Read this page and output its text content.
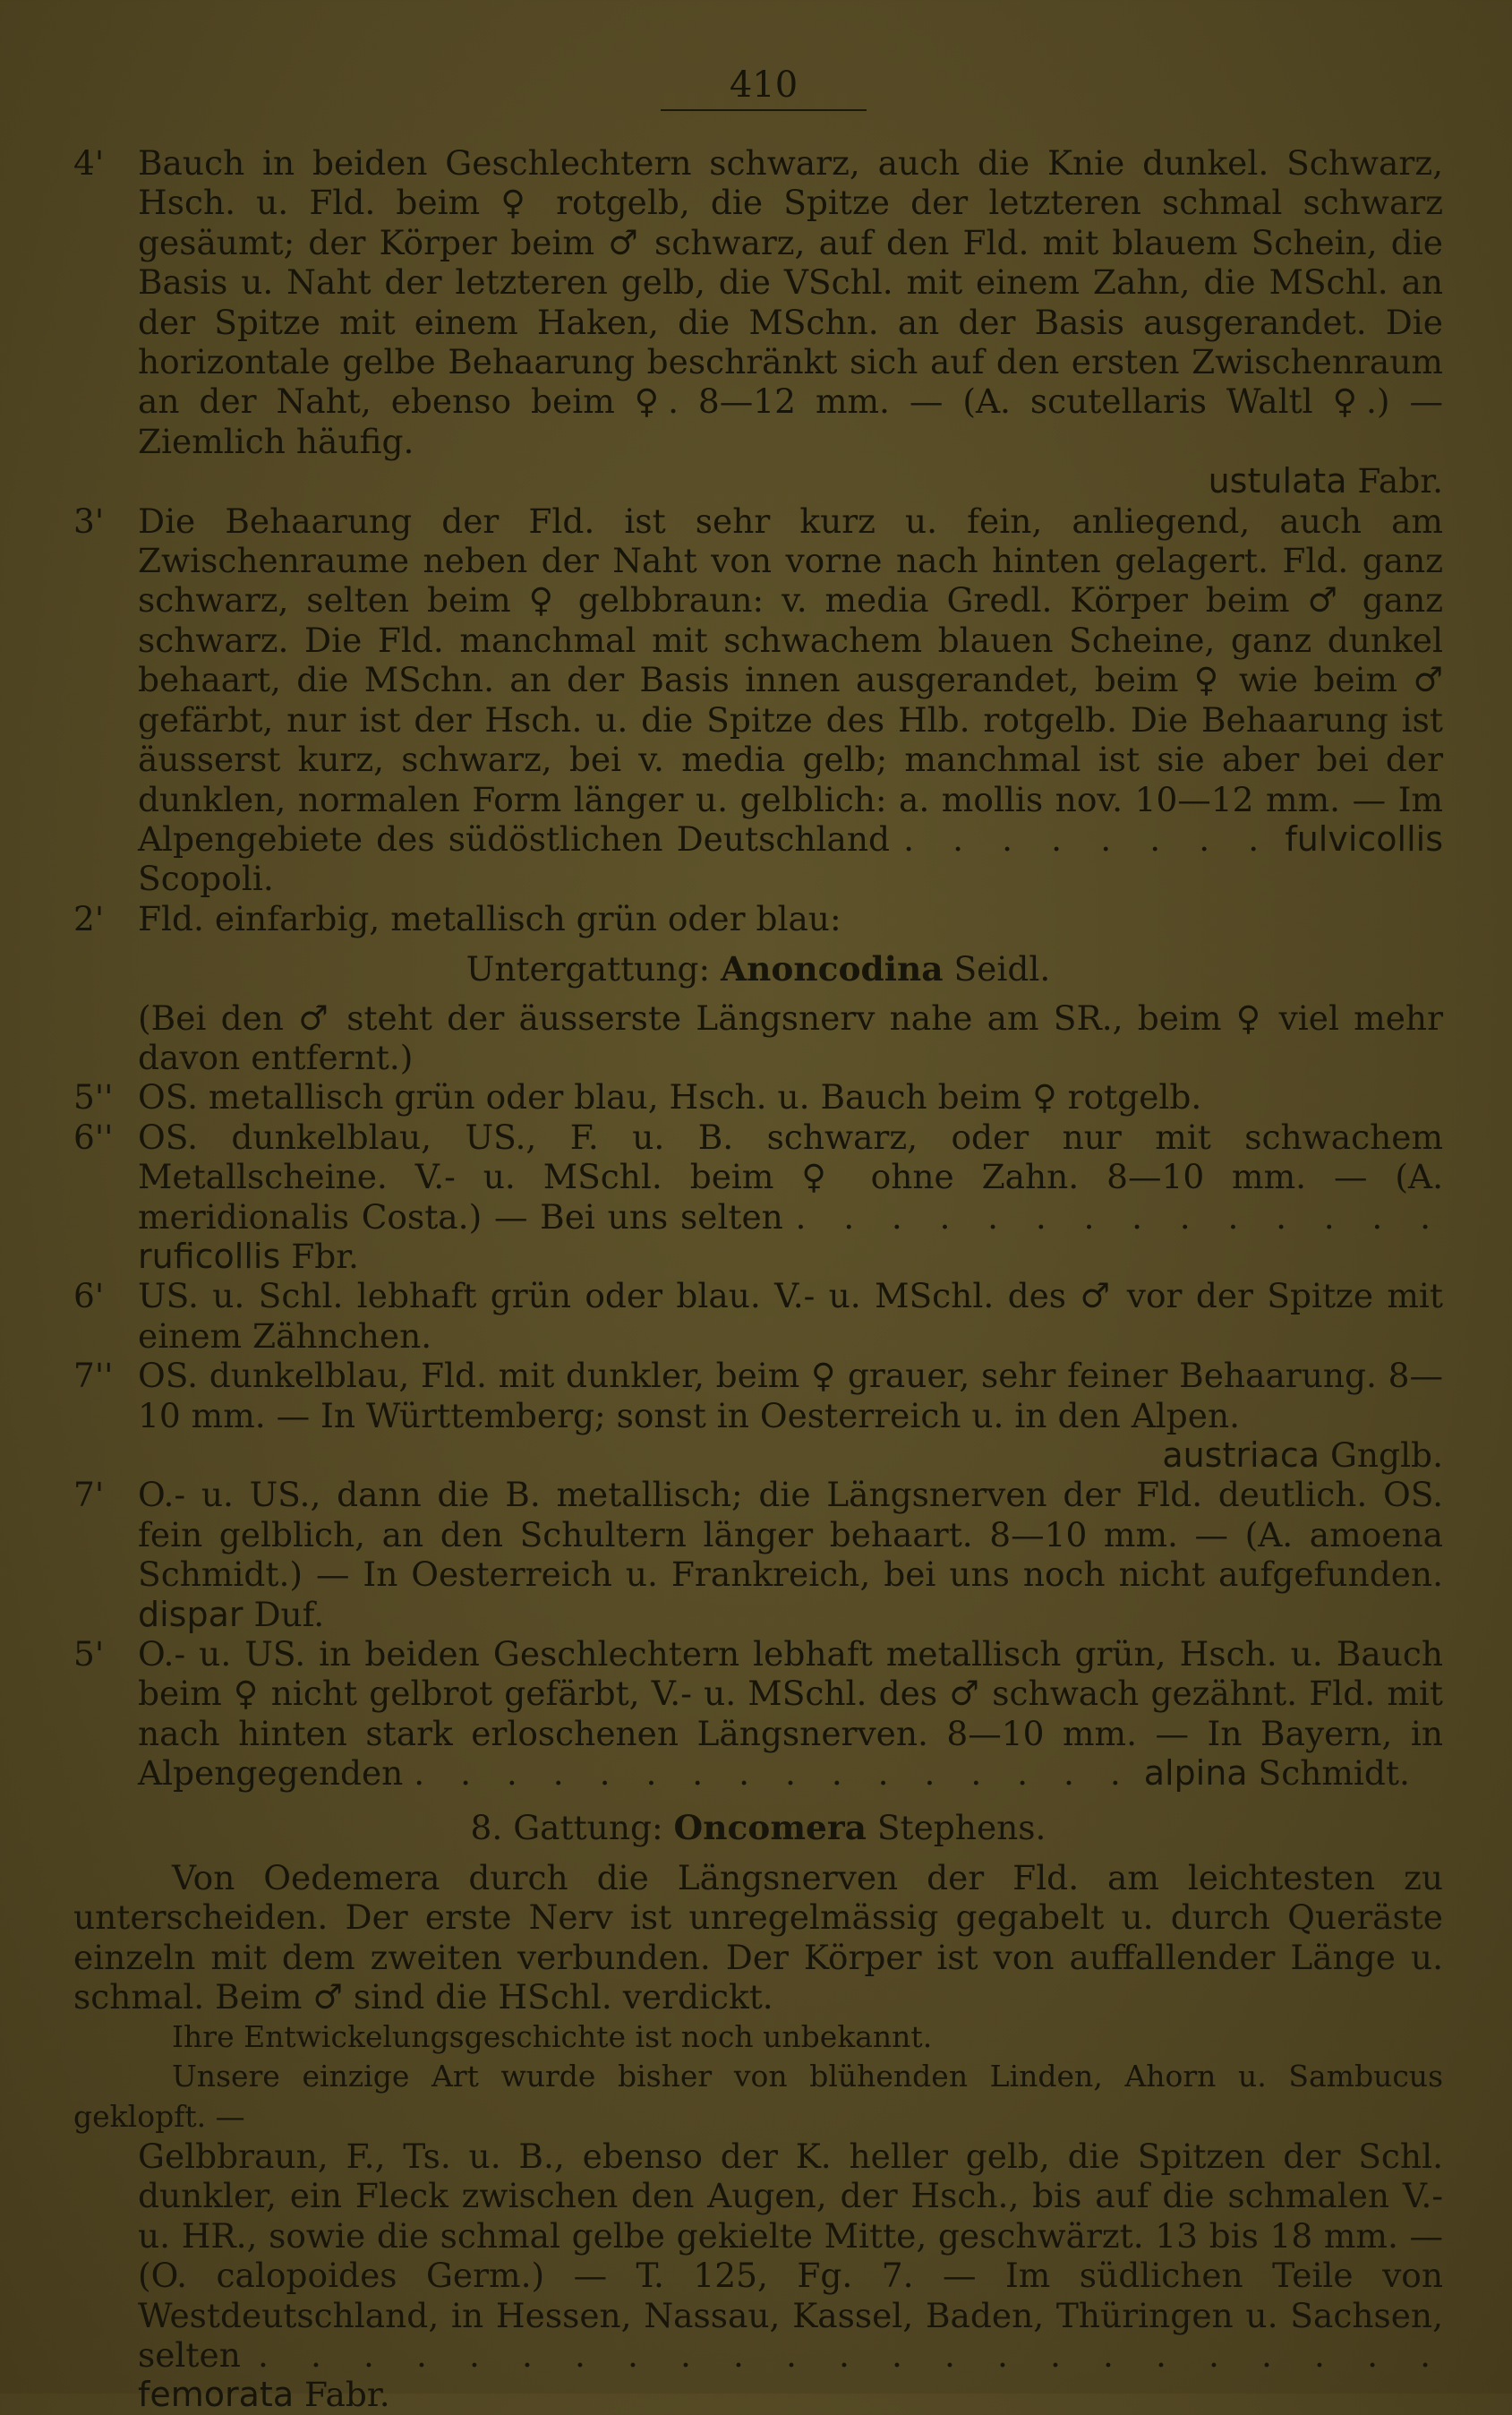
410
4' Bauch in beiden Geschlechtern schwarz, auch die Knie dunkel. Schwarz, Hsch. u. Fld. beim ♀ rotgelb, die Spitze der letzteren schmal schwarz gesäumt; der Körper beim ♂ schwarz, auf den Fld. mit blauem Schein, die Basis u. Naht der letzteren gelb, die VSchl. mit einem Zahn, die MSchl. an der Spitze mit einem Haken, die MSchn. an der Basis ausgerandet. Die horizontale gelbe Behaarung beschränkt sich auf den ersten Zwischenraum an der Naht, ebenso beim ♀. 8—12 mm. — (A. scutellaris Waltl ♀.) — Ziemlich häufig.
ustulata Fabr.
3' Die Behaarung der Fld. ist sehr kurz u. fein, anliegend, auch am Zwischenraume neben der Naht von vorne nach hinten gelagert. Fld. ganz schwarz, selten beim ♀ gelbbraun: v. media Gredl. Körper beim ♂ ganz schwarz. Die Fld. manchmal mit schwachem blauen Scheine, ganz dunkel behaart, die MSchn. an der Basis innen ausgerandet, beim ♀ wie beim ♂ gefärbt, nur ist der Hsch. u. die Spitze des Hlb. rotgelb. Die Behaarung ist äusserst kurz, schwarz, bei v. media gelb; manchmal ist sie aber bei der dunklen, normalen Form länger u. gelblich: a. mollis nov. 10—12 mm. — Im Alpengebiete des südöstlichen Deutschland . . . . . . . . fulvicollis Scopoli.
2' Fld. einfarbig, metallisch grün oder blau:
Untergattung: Anoncodina Seidl.
(Bei den ♂ steht der äusserste Längsnerv nahe am SR., beim ♀ viel mehr davon entfernt.)
5'' OS. metallisch grün oder blau, Hsch. u. Bauch beim ♀ rotgelb.
6'' OS. dunkelblau, US., F. u. B. schwarz, oder nur mit schwachem Metallscheine. V.- u. MSchl. beim ♀ ohne Zahn. 8—10 mm. — (A. meridionalis Costa.) — Bei uns selten . . . . . . . . . . . . . . ruficollis Fbr.
6' US. u. Schl. lebhaft grün oder blau. V.- u. MSchl. des ♂ vor der Spitze mit einem Zähnchen.
7'' OS. dunkelblau, Fld. mit dunkler, beim ♀ grauer, sehr feiner Behaarung. 8—10 mm. — In Württemberg; sonst in Oesterreich u. in den Alpen.
austriaca Gnglb.
7' O.- u. US., dann die B. metallisch; die Längsnerven der Fld. deutlich. OS. fein gelblich, an den Schultern länger behaart. 8—10 mm. — (A. amoena Schmidt.) — In Oesterreich u. Frankreich, bei uns noch nicht aufgefunden. dispar Duf.
5' O.- u. US. in beiden Geschlechtern lebhaft metallisch grün, Hsch. u. Bauch beim ♀ nicht gelbrot gefärbt, V.- u. MSchl. des ♂ schwach gezähnt. Fld. mit nach hinten stark erloschenen Längsnerven. 8—10 mm. — In Bayern, in Alpengegenden . . . . . . . . . . . . . . . . alpina Schmidt.
8. Gattung: Oncomera Stephens.
Von Oedemera durch die Längsnerven der Fld. am leichtesten zu unterscheiden. Der erste Nerv ist unregelmässig gegabelt u. durch Queräste einzeln mit dem zweiten verbunden. Der Körper ist von auffallender Länge u. schmal. Beim ♂ sind die HSchl. verdickt.
Ihre Entwickelungsgeschichte ist noch unbekannt.
Unsere einzige Art wurde bisher von blühenden Linden, Ahorn u. Sambucus geklopft. —
Gelbbraun, F., Ts. u. B., ebenso der K. heller gelb, die Spitzen der Schl. dunkler, ein Fleck zwischen den Augen, der Hsch., bis auf die schmalen V.- u. HR., sowie die schmal gelbe gekielte Mitte, geschwärzt. 13 bis 18 mm. — (O. calopoides Germ.) — T. 125, Fg. 7. — Im südlichen Teile von Westdeutschland, in Hessen, Nassau, Kassel, Baden, Thüringen u. Sachsen, selten . . . . . . . . . . . . . . . . . . . . . . . femorata Fabr.
